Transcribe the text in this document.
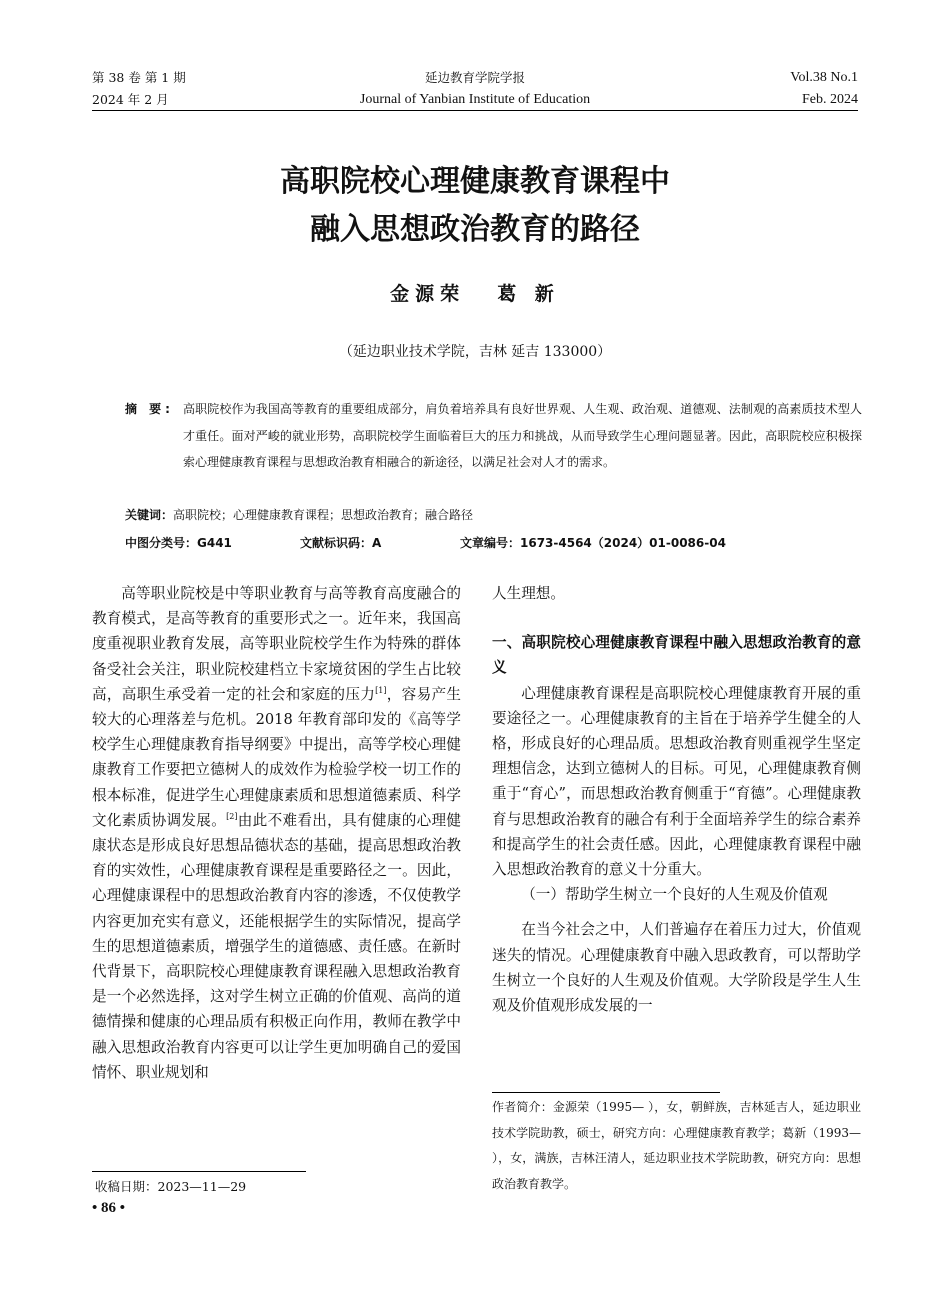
第 38 卷 第 1 期	延边教育学院学报	Vol.38 No.1
2024 年 2 月	Journal of Yanbian Institute of Education	Feb. 2024
高职院校心理健康教育课程中
融入思想政治教育的路径
金源荣 葛 新
（延边职业技术学院，吉林 延吉 133000）
摘 要: 高职院校作为我国高等教育的重要组成部分，肩负着培养具有良好世界观、人生观、政治观、道德观、法制观的高素质技术型人才重任。面对严峻的就业形势，高职院校学生面临着巨大的压力和挑战，从而导致学生心理问题显著。因此，高职院校应积极探索心理健康教育课程与思想政治教育相融合的新途径，以满足社会对人才的需求。
关键词：高职院校；心理健康教育课程；思想政治教育；融合路径
中图分类号：G441	文献标识码：A	文章编号：1673-4564（2024）01-0086-04

高等职业院校是中等职业教育与高等教育高度融合的教育模式，是高等教育的重要形式之一。近年来，我国高度重视职业教育发展，高等职业院校学生作为特殊的群体备受社会关注，职业院校建档立卡家境贫困的学生占比较高，高职生承受着一定的社会和家庭的压力[1]，容易产生较大的心理落差与危机。2018 年教育部印发的《高等学校学生心理健康教育指导纲要》中提出，高等学校心理健康教育工作要把立德树人的成效作为检验学校一切工作的根本标准，促进学生心理健康素质和思想道德素质、科学文化素质协调发展。[2]由此不难看出，具有健康的心理健康状态是形成良好思想品德状态的基础，提高思想政治教育的实效性，心理健康教育课程是重要路径之一。因此，心理健康课程中的思想政治教育内容的渗透，不仅使教学内容更加充实有意义，还能根据学生的实际情况，提高学生的思想道德素质，增强学生的道德感、责任感。在新时代背景下，高职院校心理健康教育课程融入思想政治教育是一个必然选择，这对学生树立正确的价值观、高尚的道德情操和健康的心理品质有积极正向作用，教师在教学中融入思想政治教育内容更可以让学生更加明确自己的爱国情怀、职业规划和

人生理想。

一、高职院校心理健康教育课程中融入思想政治教育的意义

心理健康教育课程是高职院校心理健康教育开展的重要途径之一。心理健康教育的主旨在于培养学生健全的人格，形成良好的心理品质。思想政治教育则重视学生坚定理想信念，达到立德树人的目标。可见，心理健康教育侧重于“育心”，而思想政治教育侧重于“育德”。心理健康教育与思想政治教育的融合有利于全面培养学生的综合素养和提高学生的社会责任感。因此，心理健康教育课程中融入思想政治教育的意义十分重大。

（一）帮助学生树立一个良好的人生观及价值观

在当今社会之中，人们普遍存在着压力过大，价值观迷失的情况。心理健康教育中融入思政教育，可以帮助学生树立一个良好的人生观及价值观。大学阶段是学生人生观及价值观形成发展的一

收稿日期：2023—11—29
作者简介：金源荣（1995— ），女，朝鲜族，吉林延吉人，延边职业技术学院助教，硕士，研究方向：心理健康教育教学；葛新（1993— ），女，满族，吉林汪清人，延边职业技术学院助教，研究方向：思想政治教育教学。
• 86 •
